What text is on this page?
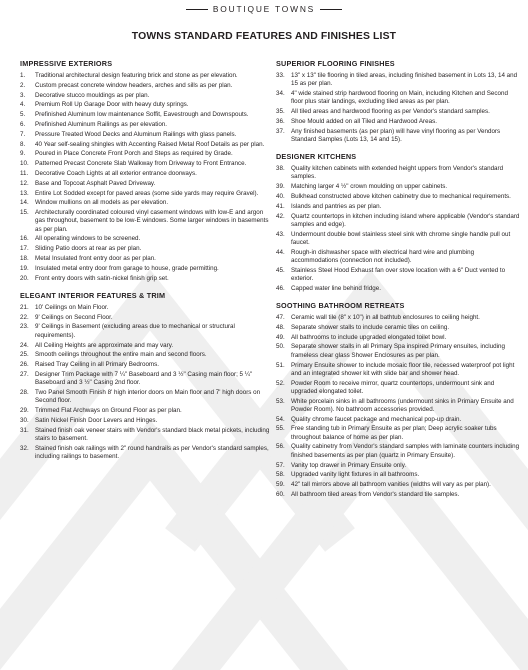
BOUTIQUE TOWNS
TOWNS STANDARD FEATURES AND FINISHES LIST
IMPRESSIVE EXTERIORS
1.	Traditional architectural design featuring brick and stone as per elevation.
2.	Custom precast concrete window headers, arches and sills as per plan.
3.	Decorative stucco mouldings as per plan.
4.	Premium Roll Up Garage Door with heavy duty springs.
5.	Prefinished Aluminum low maintenance Soffit, Eavestrough and Downspouts.
6.	Prefinished Aluminum Railings as per elevation.
7.	Pressure Treated Wood Decks and Aluminum Railings with glass panels.
8.	40 Year self-sealing shingles with Accenting Raised Metal Roof Details as per plan.
9.	Poured in Place Concrete Front Porch and Steps as required by Grade.
10.	Patterned Precast Concrete Slab Walkway from Driveway to Front Entrance.
11.	Decorative Coach Lights at all exterior entrance doorways.
12.	Base and Topcoat Asphalt Paved Driveway.
13.	Entire Lot Sodded except for paved areas (some side yards may require Gravel).
14.	Window mullions on all models as per elevation.
15.	Architecturally coordinated coloured vinyl casement windows with low-E and argon gas throughout, basement to be low-E windows. Some larger windows in basements as per plan.
16.	All operating windows to be screened.
17.	Sliding Patio doors at rear as per plan.
18.	Metal Insulated front entry door as per plan.
19.	Insulated metal entry door from garage to house, grade permitting.
20.	Front entry doors with satin-nickel finish grip set.
ELEGANT INTERIOR FEATURES & TRIM
21.	10' Ceilings on Main Floor.
22.	9' Ceilings on Second Floor.
23.	9' Ceilings in Basement (excluding areas due to mechanical or structural requirements).
24.	All Ceiling Heights are approximate and may vary.
25.	Smooth ceilings throughout the entire main and second floors.
26.	Raised Tray Ceiling in all Primary Bedrooms.
27.	Designer Trim Package with 7 ¼" Baseboard and 3 ½" Casing main floor; 5 ¼" Baseboard and 3 ½" Casing 2nd floor.
28.	Two Panel Smooth Finish 8' high interior doors on Main floor and 7' high doors on Second floor.
29.	Trimmed Flat Archways on Ground Floor as per plan.
30.	Satin Nickel Finish Door Levers and Hinges.
31.	Stained finish oak veneer stairs with Vendor's standard black metal pickets, including stairs to basement.
32.	Stained finish oak railings with 2" round handrails as per Vendor's standard samples, including railings to basement.
SUPERIOR FLOORING FINISHES
33.	13" x 13" tile flooring in tiled areas, including finished basement in Lots 13, 14 and 15 as per plan.
34.	4" wide stained strip hardwood flooring on Main, including Kitchen and Second floor plus stair landings, excluding tiled areas as per plan.
35.	All tiled areas and hardwood flooring as per Vendor's standard samples.
36.	Shoe Mould added on all Tiled and Hardwood Areas.
37.	Any finished basements (as per plan) will have vinyl flooring as per Vendors Standard Samples (Lots 13, 14 and 15).
DESIGNER KITCHENS
38.	Quality kitchen cabinets with extended height uppers from Vendor's standard samples.
39.	Matching larger 4 ½" crown moulding on upper cabinets.
40.	Bulkhead constructed above kitchen cabinetry due to mechanical requirements.
41.	Islands and pantries as per plan.
42.	Quartz countertops in kitchen including island where applicable (Vendor's standard samples and edge).
43.	Undermount double bowl stainless steel sink with chrome single handle pull out faucet.
44.	Rough-in dishwasher space with electrical hard wire and plumbing accommodations (connection not included).
45.	Stainless Steel Hood Exhaust fan over stove location with a 6" Duct vented to exterior.
46.	Capped water line behind fridge.
SOOTHING BATHROOM RETREATS
47.	Ceramic wall tile (8" x 10") in all bathtub enclosures to ceiling height.
48.	Separate shower stalls to include ceramic tiles on ceiling.
49.	All bathrooms to include upgraded elongated toilet bowl.
50.	Separate shower stalls in all Primary Spa inspired Primary ensuites, including frameless clear glass Shower Enclosures as per plan.
51.	Primary Ensuite shower to include mosaic floor tile, recessed waterproof pot light and an integrated shower kit with slide bar and shower head.
52.	Powder Room to receive mirror, quartz countertops, undermount sink and upgraded elongated toilet.
53.	White porcelain sinks in all bathrooms (undermount sinks in Primary Ensuite and Powder Room). No bathroom accessories provided.
54.	Quality chrome faucet package and mechanical pop-up drain.
55.	Free standing tub in Primary Ensuite as per plan; Deep acrylic soaker tubs throughout balance of home as per plan.
56.	Quality cabinetry from Vendor's standard samples with laminate counters including finished basements as per plan (quartz in Primary Ensuite).
57.	Vanity top drawer in Primary Ensuite only.
58.	Upgraded vanity light fixtures in all bathrooms.
59.	42" tall mirrors above all bathroom vanities (widths will vary as per plan).
60.	All bathroom tiled areas from Vendor's standard tile samples.
